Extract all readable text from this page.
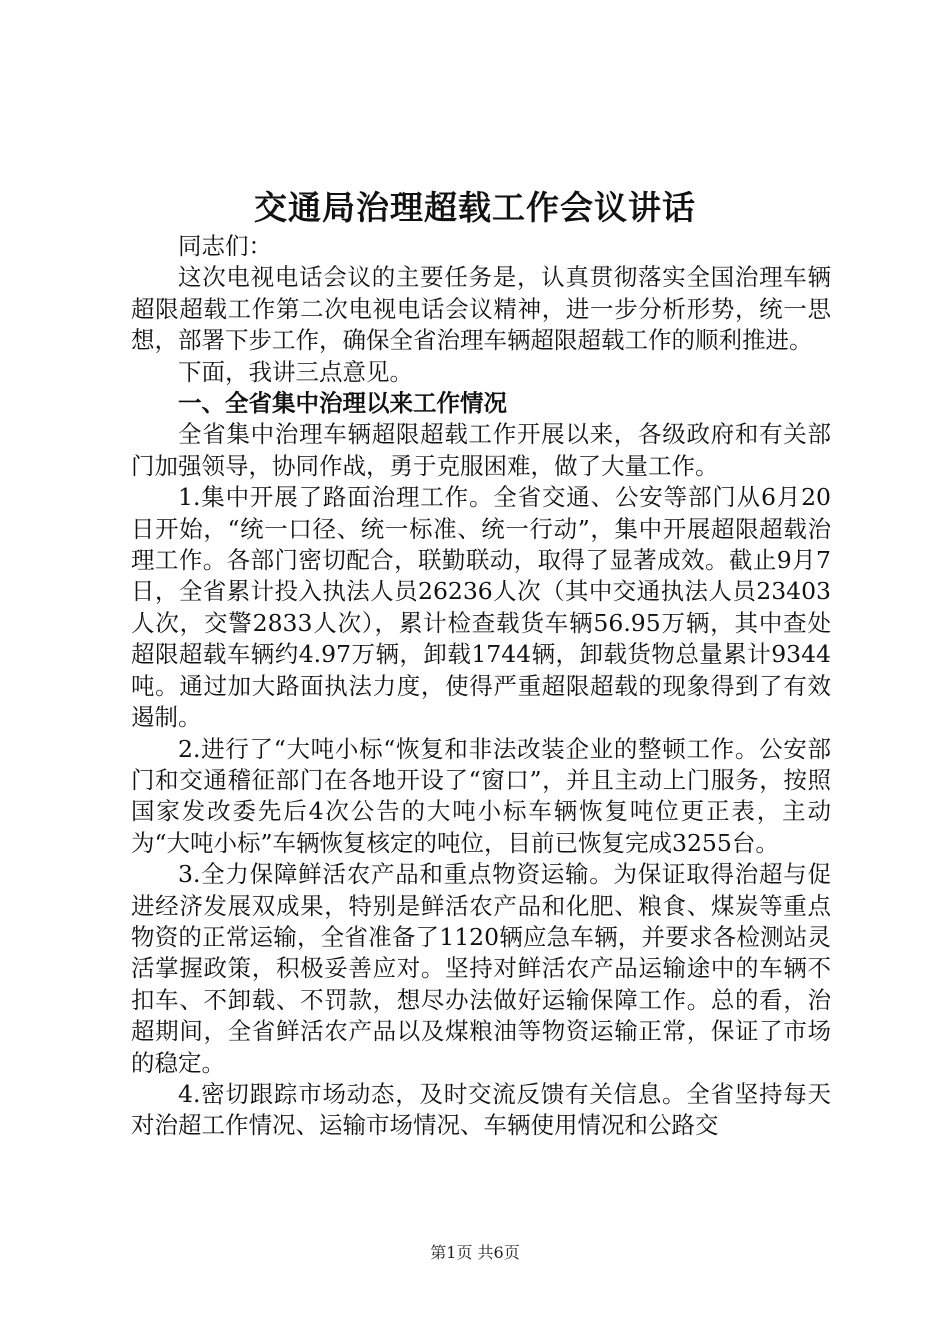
交通局治理超载工作会议讲话

同志们：

这次电视电话会议的主要任务是，认真贯彻落实全国治理车辆超限超载工作第二次电视电话会议精神，进一步分析形势，统一思想，部署下步工作，确保全省治理车辆超限超载工作的顺利推进。

下面，我讲三点意见。

一、全省集中治理以来工作情况

全省集中治理车辆超限超载工作开展以来，各级政府和有关部门加强领导，协同作战，勇于克服困难，做了大量工作。

1.集中开展了路面治理工作。全省交通、公安等部门从6月20日开始，“统一口径、统一标准、统一行动”，集中开展超限超载治理工作。各部门密切配合，联勤联动，取得了显著成效。截止9月7日，全省累计投入执法人员26236人次（其中交通执法人员23403人次，交警2833人次），累计检查载货车辆56.95万辆，其中查处超限超载车辆约4.97万辆，卸载1744辆，卸载货物总量累计9344吨。通过加大路面执法力度，使得严重超限超载的现象得到了有效遏制。

2.进行了“大吨小标“恢复和非法改装企业的整顿工作。公安部门和交通稽征部门在各地开设了“窗口”，并且主动上门服务，按照国家发改委先后4次公告的大吨小标车辆恢复吨位更正表，主动为“大吨小标”车辆恢复核定的吨位，目前已恢复完成3255台。

3.全力保障鲜活农产品和重点物资运输。为保证取得治超与促进经济发展双成果，特别是鲜活农产品和化肥、粮食、煤炭等重点物资的正常运输，全省准备了1120辆应急车辆，并要求各检测站灵活掌握政策，积极妥善应对。坚持对鲜活农产品运输途中的车辆不扣车、不卸载、不罚款，想尽办法做好运输保障工作。总的看，治超期间，全省鲜活农产品以及煤粮油等物资运输正常，保证了市场的稳定。

4.密切跟踪市场动态，及时交流反馈有关信息。全省坚持每天对治超工作情况、运输市场情况、车辆使用情况和公路交

第1页 共6页
